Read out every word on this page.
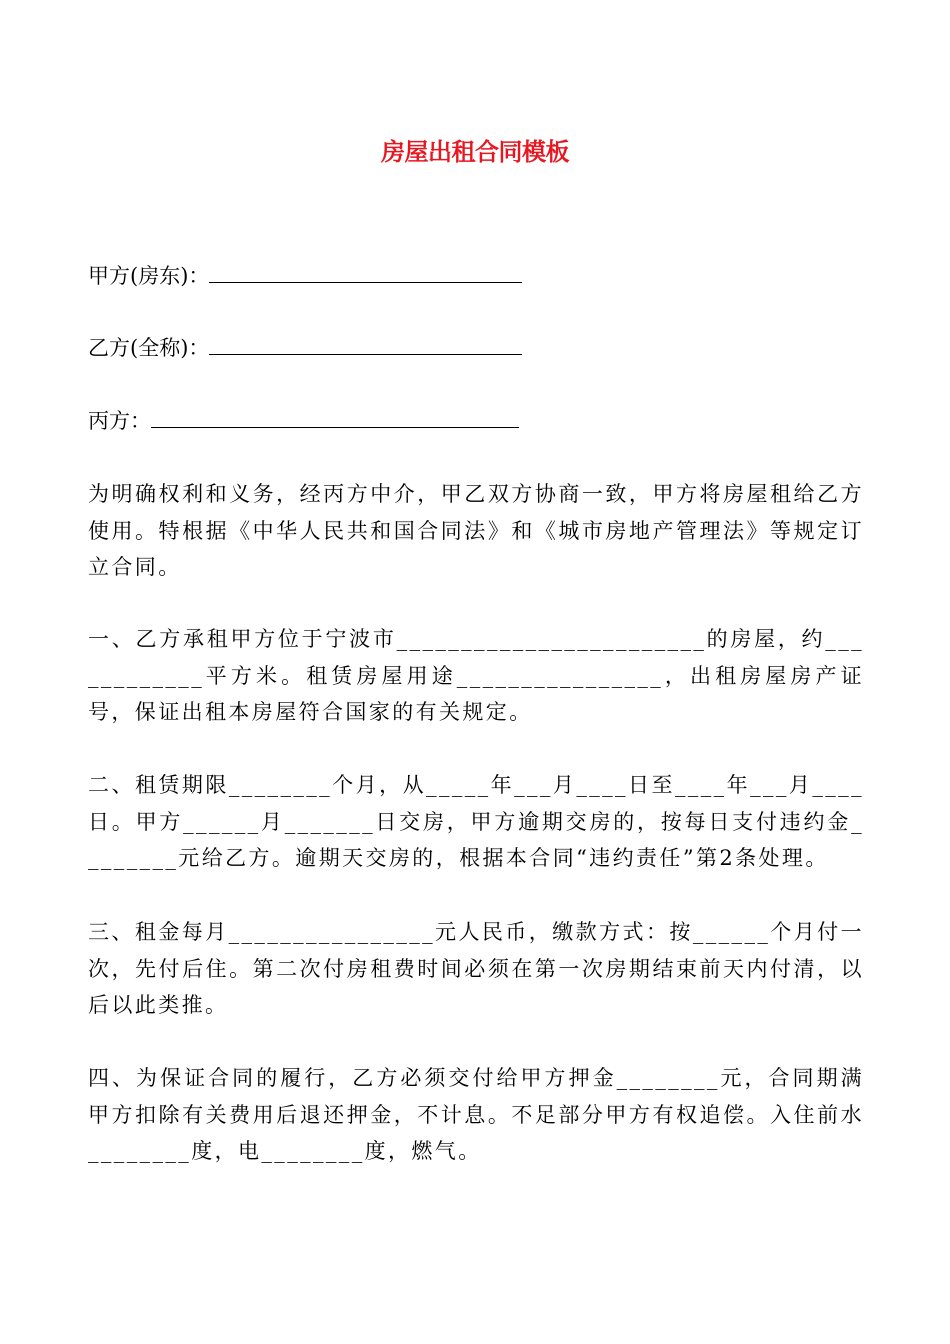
房屋出租合同模板
甲方(房东)：
乙方(全称)：
丙方：

为明确权利和义务，经丙方中介，甲乙双方协商一致，甲方将房屋租给乙方使用。特根据《中华人民共和国合同法》和《城市房地产管理法》等规定订立合同。

一、乙方承租甲方位于宁波市________________________的房屋，约____________平方米。租赁房屋用途________________，出租房屋房产证号，保证出租本房屋符合国家的有关规定。

二、租赁期限________个月，从_____年___月____日至____年___月____日。甲方______月_______日交房，甲方逾期交房的，按每日支付违约金________元给乙方。逾期天交房的，根据本合同“违约责任”第2条处理。

三、租金每月________________元人民币，缴款方式：按______个月付一次，先付后住。第二次付房租费时间必须在第一次房期结束前天内付清，以后以此类推。

四、为保证合同的履行，乙方必须交付给甲方押金________元，合同期满甲方扣除有关费用后退还押金，不计息。不足部分甲方有权追偿。入住前水________度，电________度，燃气。
